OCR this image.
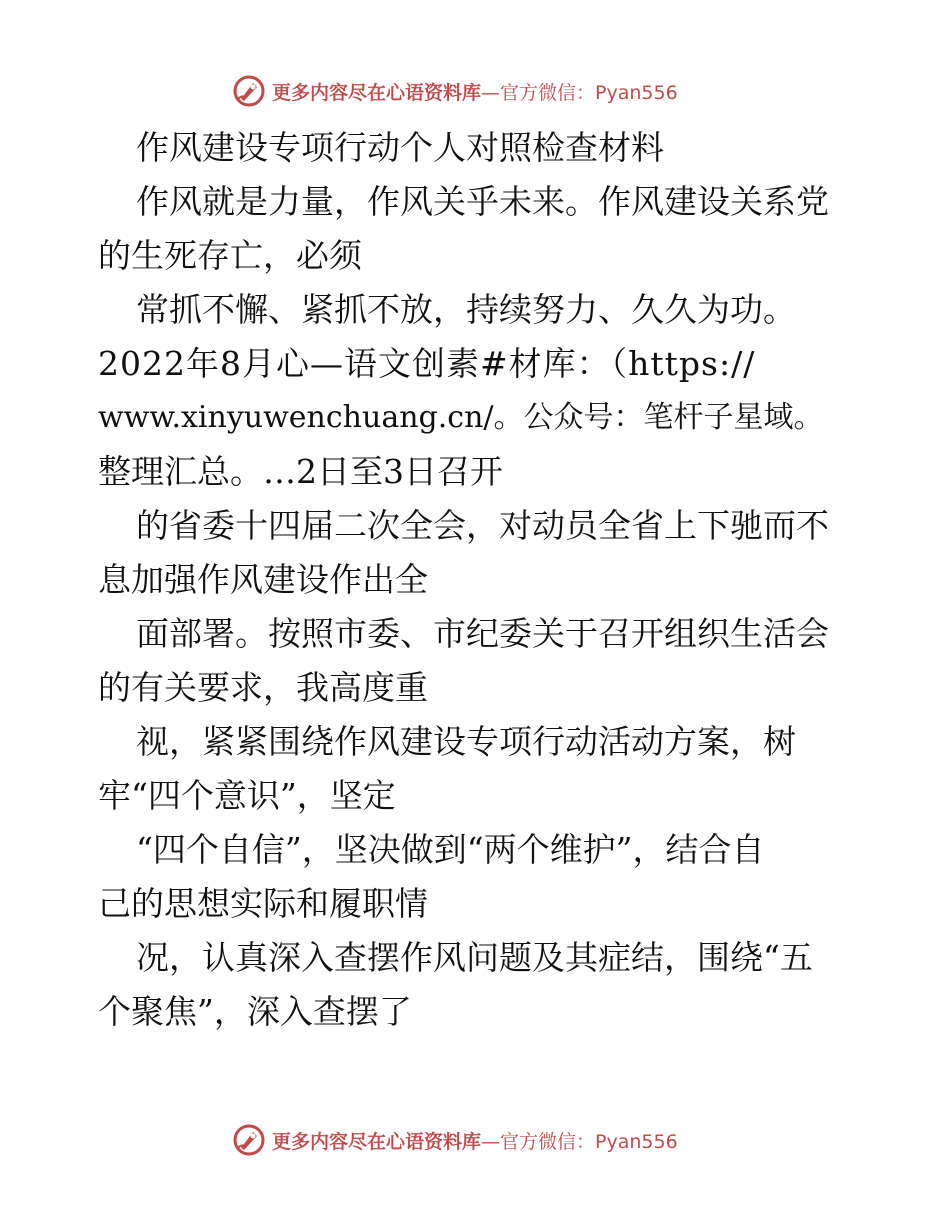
更多内容尽在心语资料库 —官方微信：Pyan556
作风建设专项行动个人对照检查材料
作风就是力量，作风关乎未来。作风建设关系党
的生死存亡，必须
常抓不懈、紧抓不放，持续努力、久久为功。
2022年8月心—语文创素#材库：（https://
www.xinyuwenchuang.cn/。公众号：笔杆子星域。
整理汇总。…2日至3日召开
的省委十四届二次全会，对动员全省上下驰而不
息加强作风建设作出全
面部署。按照市委、市纪委关于召开组织生活会
的有关要求，我高度重
视，紧紧围绕作风建设专项行动活动方案，树
牢“四个意识”，坚定
“四个自信”，坚决做到“两个维护”，结合自
己的思想实际和履职情
况，认真深入查摆作风问题及其症结，围绕“五
个聚焦”，深入查摆了
更多内容尽在心语资料库 —官方微信：Pyan556
